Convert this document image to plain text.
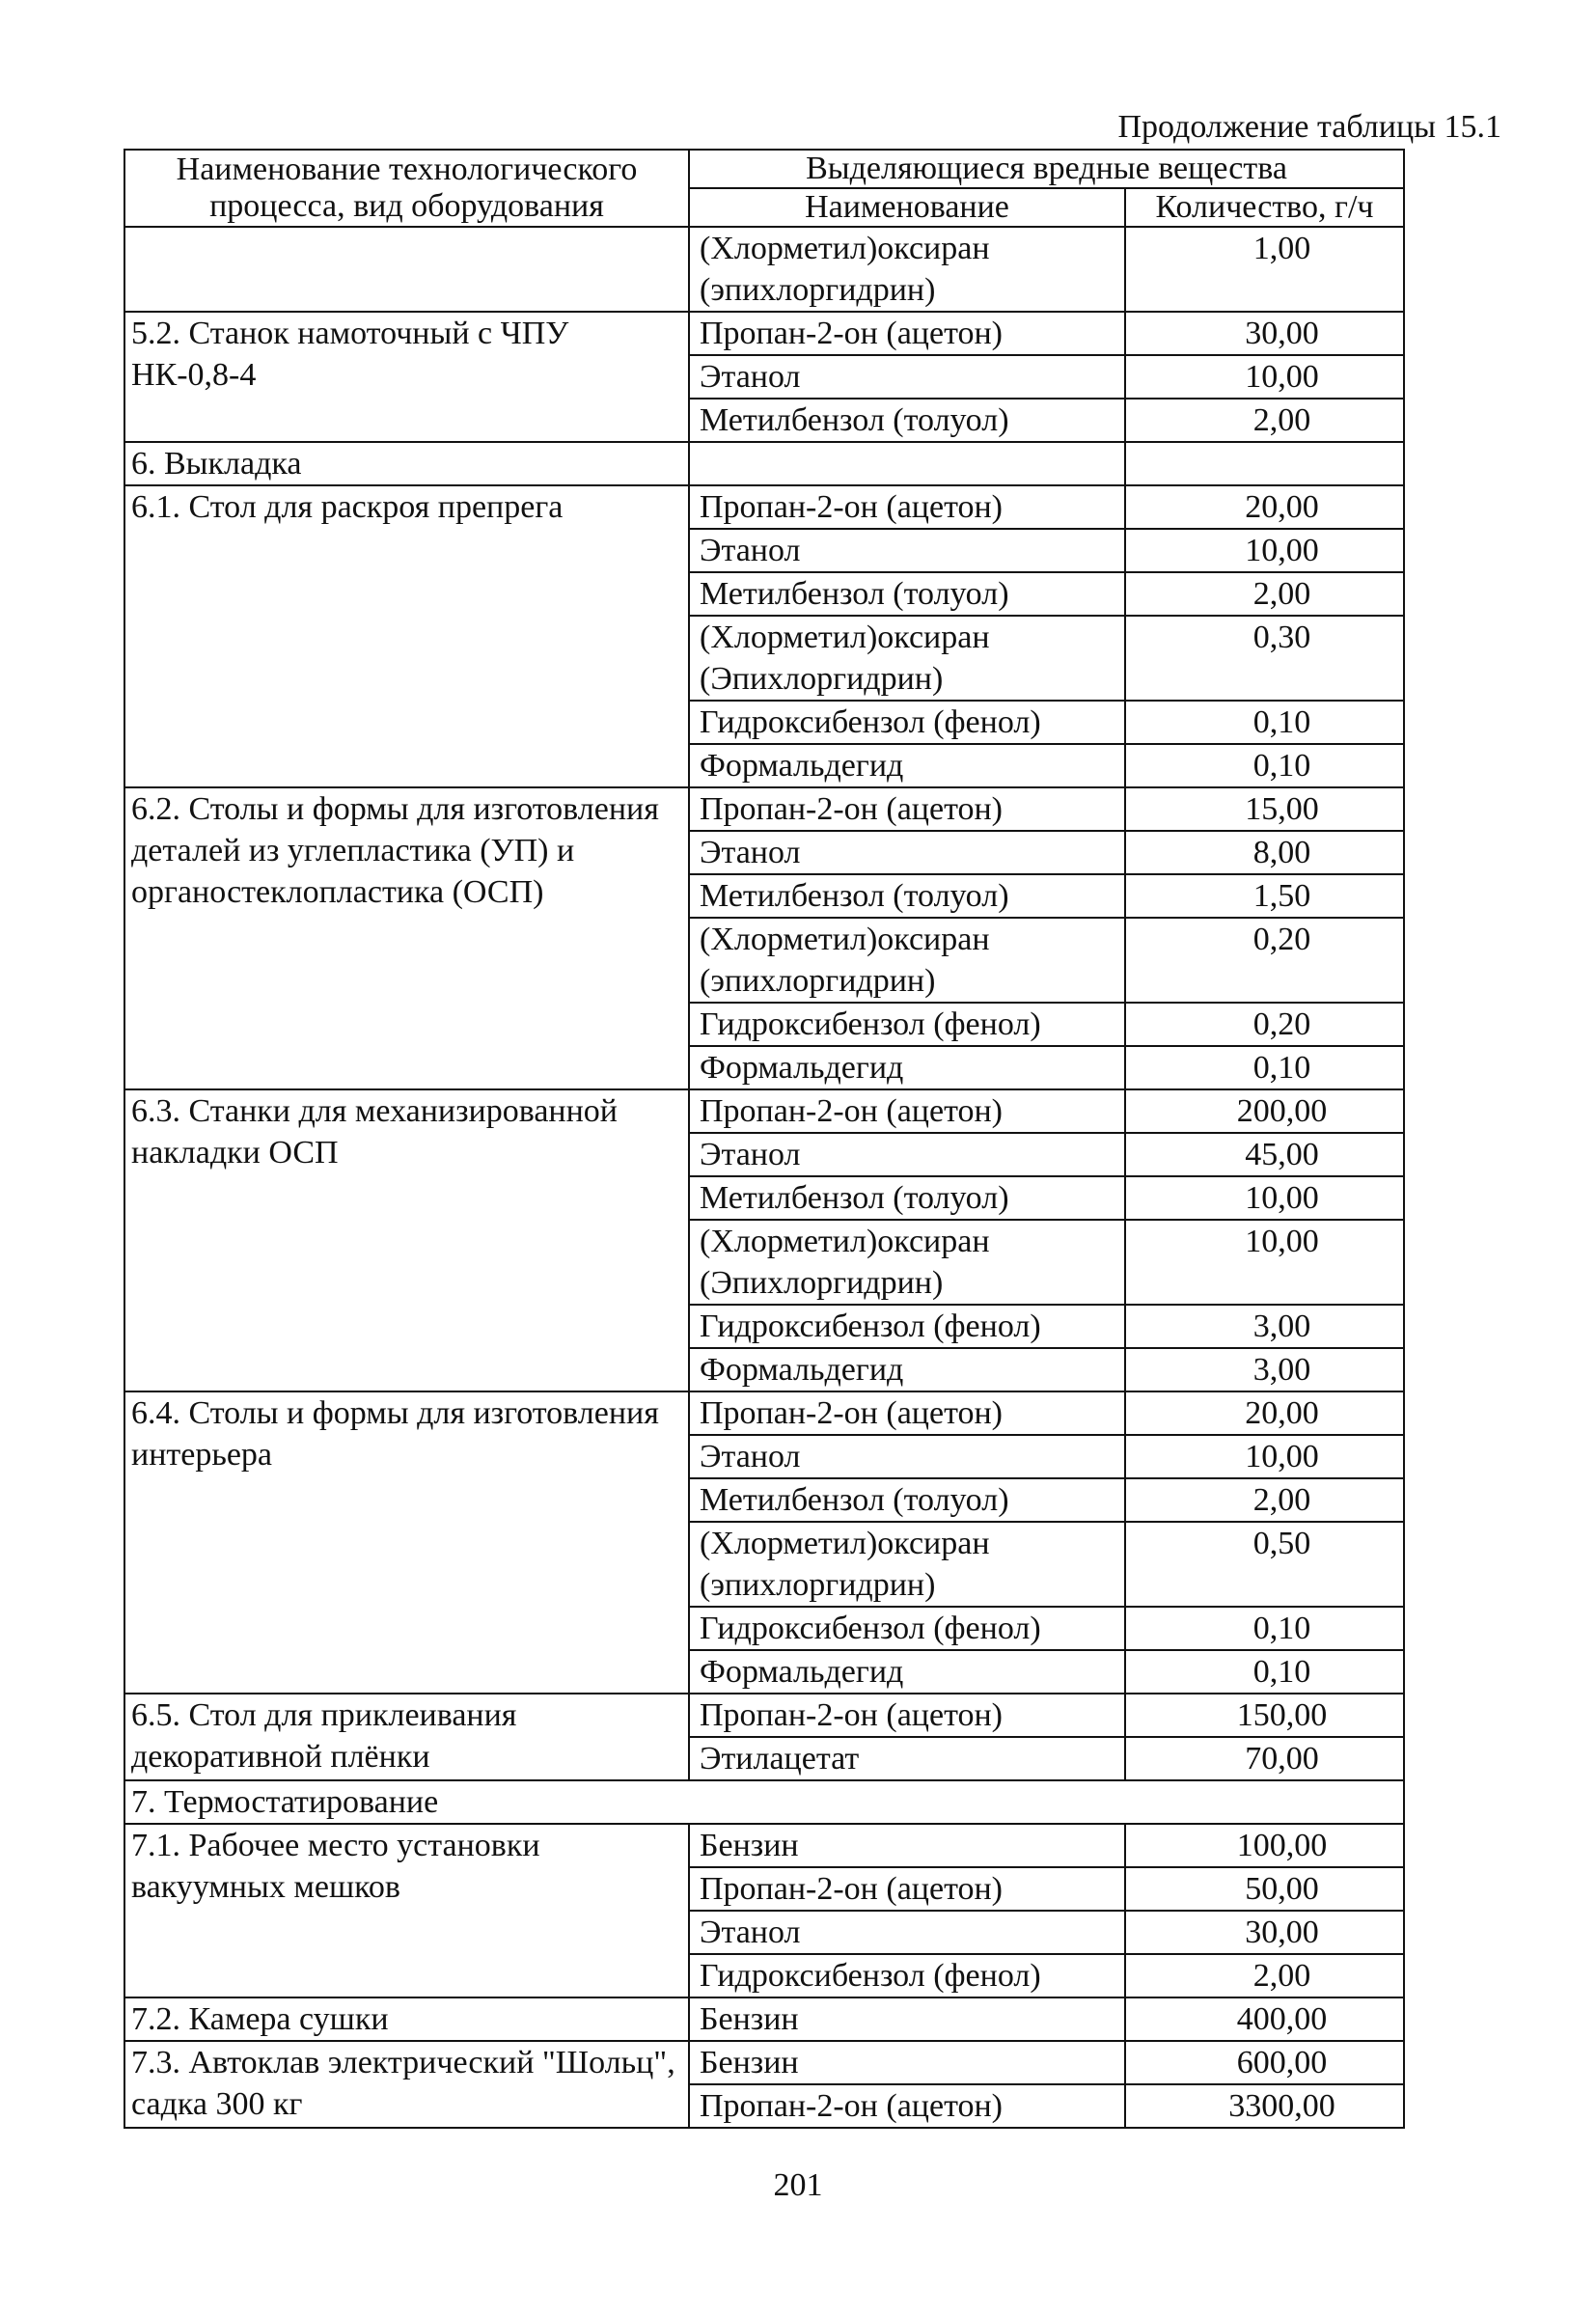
Продолжение таблицы 15.1
Наименование технологического процесса, вид оборудования	Выделяющиеся вредные вещества	
	Наименование	Количество, г/ч
	(Хлорметил)оксиран (эпихлоргидрин)	1,00
5.2. Станок намоточный с ЧПУ НК-0,8-4	Пропан-2-он (ацетон)	30,00
	Этанол	10,00
	Метилбензол (толуол)	2,00
6. Выкладка		
6.1. Стол для раскроя препрега	Пропан-2-он (ацетон)	20,00
	Этанол	10,00
	Метилбензол (толуол)	2,00
	(Хлорметил)оксиран (Эпихлоргидрин)	0,30
	Гидроксибензол (фенол)	0,10
	Формальдегид	0,10
6.2. Столы и формы для изготовления деталей из углепластика (УП) и органостеклопластика (ОСП)	Пропан-2-он (ацетон)	15,00
	Этанол	8,00
	Метилбензол (толуол)	1,50
	(Хлорметил)оксиран (эпихлоргидрин)	0,20
	Гидроксибензол (фенол)	0,20
	Формальдегид	0,10
6.3. Станки для механизированной накладки ОСП	Пропан-2-он (ацетон)	200,00
	Этанол	45,00
	Метилбензол (толуол)	10,00
	(Хлорметил)оксиран (Эпихлоргидрин)	10,00
	Гидроксибензол (фенол)	3,00
	Формальдегид	3,00
6.4. Столы и формы для изготовления интерьера	Пропан-2-он (ацетон)	20,00
	Этанол	10,00
	Метилбензол (толуол)	2,00
	(Хлорметил)оксиран (эпихлоргидрин)	0,50
	Гидроксибензол (фенол)	0,10
	Формальдегид	0,10
6.5. Стол для приклеивания декоративной плёнки	Пропан-2-он (ацетон)	150,00
	Этилацетат	70,00
7. Термостатирование		
7.1. Рабочее место установки вакуумных мешков	Бензин	100,00
	Пропан-2-он (ацетон)	50,00
	Этанол	30,00
	Гидроксибензол (фенол)	2,00
7.2. Камера сушки	Бензин	400,00
7.3. Автоклав электрический "Шольц", садка 300 кг	Бензин	600,00
	Пропан-2-он (ацетон)	3300,00
201
